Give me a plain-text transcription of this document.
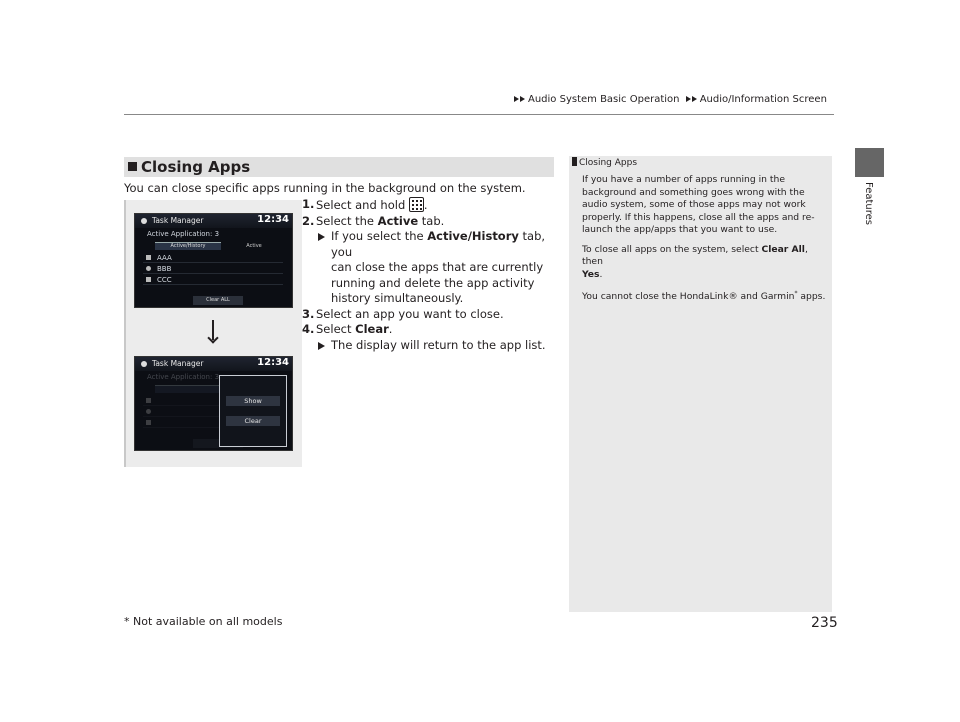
Audio System Basic Operation Audio/Information Screen
Features
Closing Apps
You can close specific apps running in the background on the system.
Task Manager	12:34
Active Application: 3
Active/History	Active
AAA
BBB
CCC
Clear ALL
Task Manager	12:34
Active Application: 3
Show
Clear
1. Select and hold .
2. Select the Active tab.
If you select the Active/History tab, you
can close the apps that are currently
running and delete the app activity
history simultaneously.
3. Select an app you want to close.
4. Select Clear.
The display will return to the app list.
Closing Apps

If you have a number of apps running in the background and something goes wrong with the audio system, some of those apps may not work properly. If this happens, close all the apps and re-launch the app/apps that you want to use.

To close all apps on the system, select Clear All, then
Yes.

You cannot close the HondaLink® and Garmin* apps.

* Not available on all models	235
